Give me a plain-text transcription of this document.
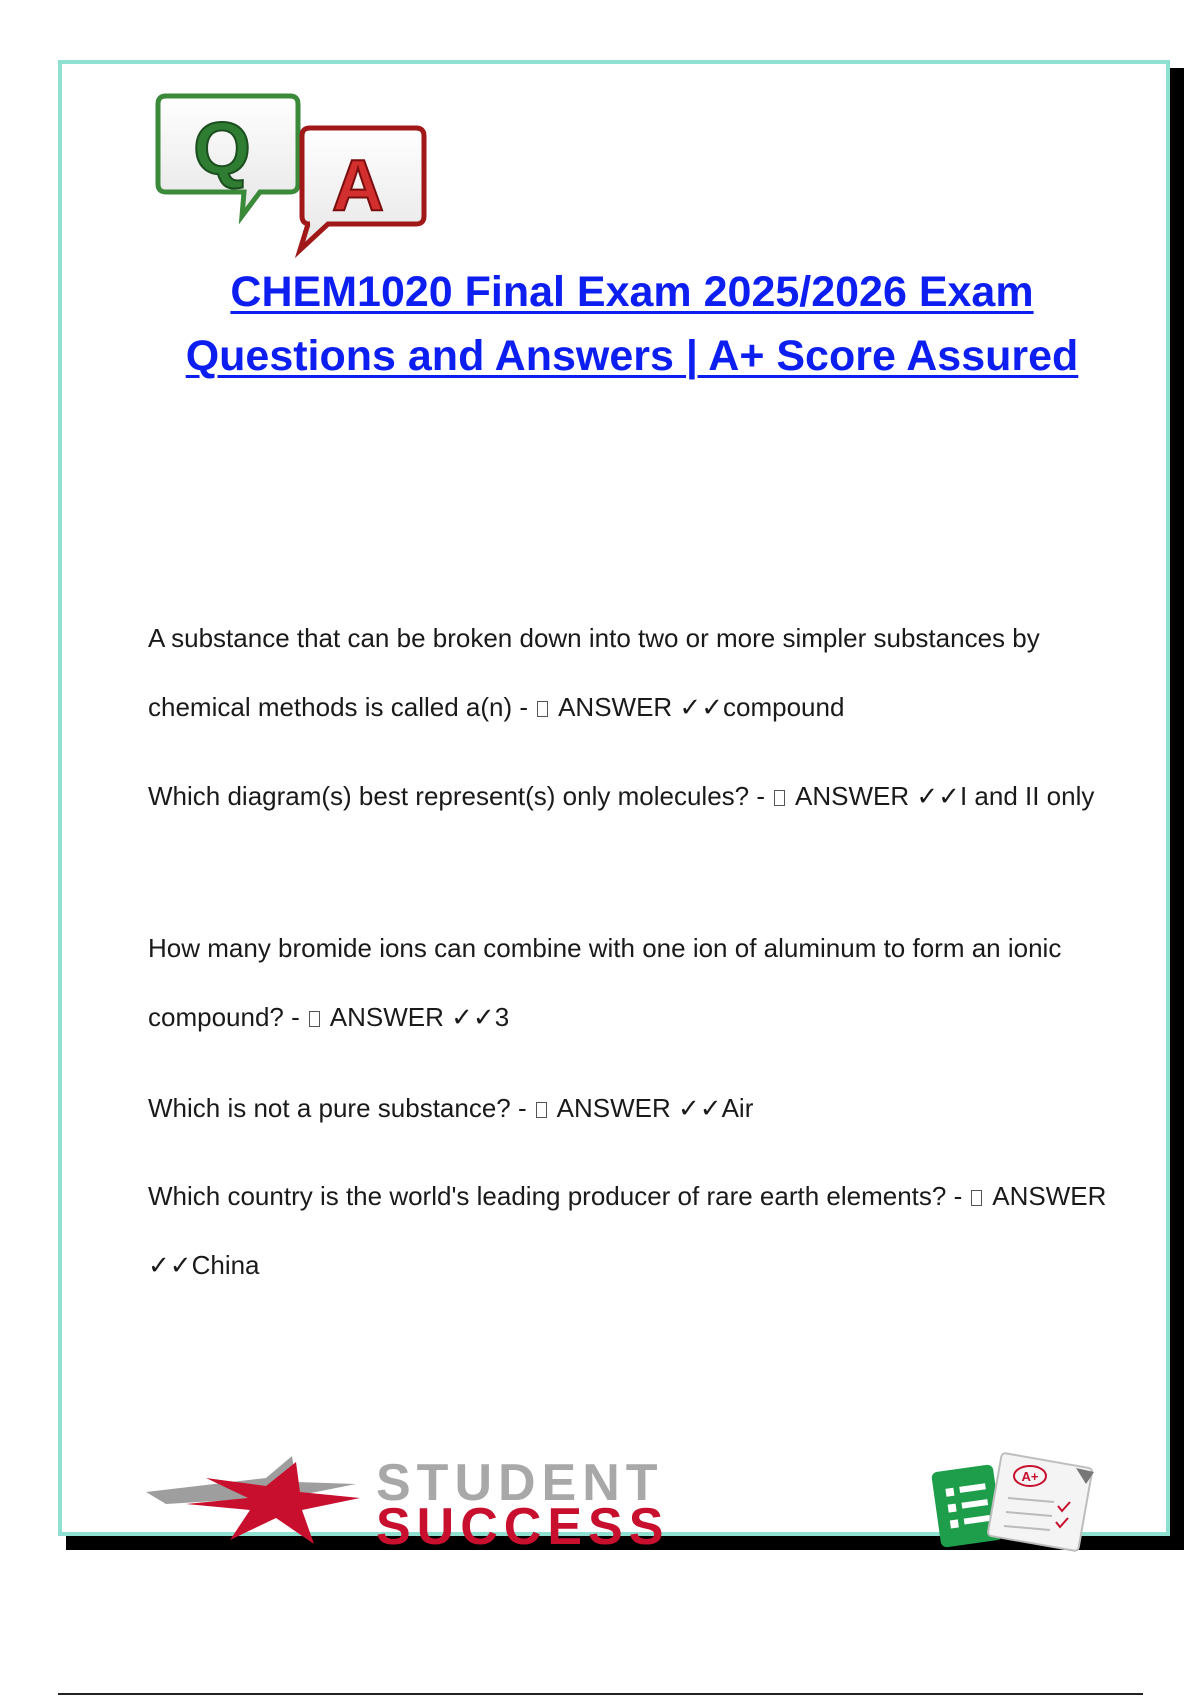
Q A
CHEM1020 Final Exam 2025/2026 Exam Questions and Answers | A+ Score Assured

A substance that can be broken down into two or more simpler substances by chemical methods is called a(n) - ANSWER ✓✓compound

Which diagram(s) best represent(s) only molecules? - ANSWER ✓✓I and II only

How many bromide ions can combine with one ion of aluminum to form an ionic compound? - ANSWER ✓✓3

Which is not a pure substance? - ANSWER ✓✓Air

Which country is the world's leading producer of rare earth elements? - ANSWER ✓✓China

STUDENT
SUCCESS
A+
